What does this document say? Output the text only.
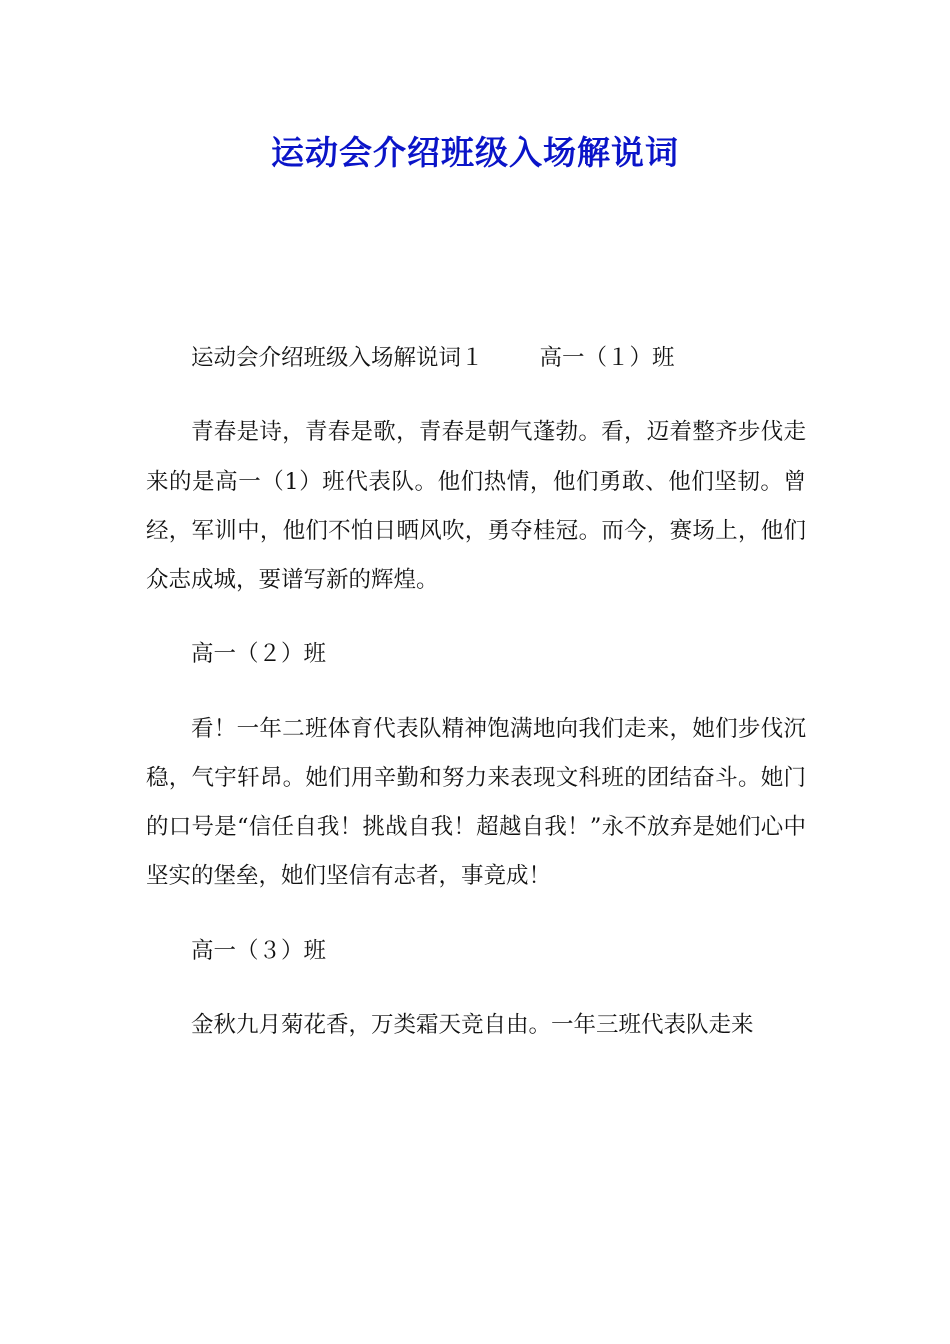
运动会介绍班级入场解说词

运动会介绍班级入场解说词１ 高一（１）班

青春是诗，青春是歌，青春是朝气蓬勃。看，迈着整齐步伐走来的是高一（1）班代表队。他们热情，他们勇敢、他们坚韧。曾经，军训中，他们不怕日晒风吹，勇夺桂冠。而今，赛场上，他们众志成城，要谱写新的辉煌。

高一（２）班

看！一年二班体育代表队精神饱满地向我们走来，她们步伐沉稳，气宇轩昂。她们用辛勤和努力来表现文科班的团结奋斗。她门的口号是“信任自我！挑战自我！超越自我！”永不放弃是她们心中坚实的堡垒，她们坚信有志者，事竟成！

高一（３）班

金秋九月菊花香，万类霜天竞自由。一年三班代表队走来
